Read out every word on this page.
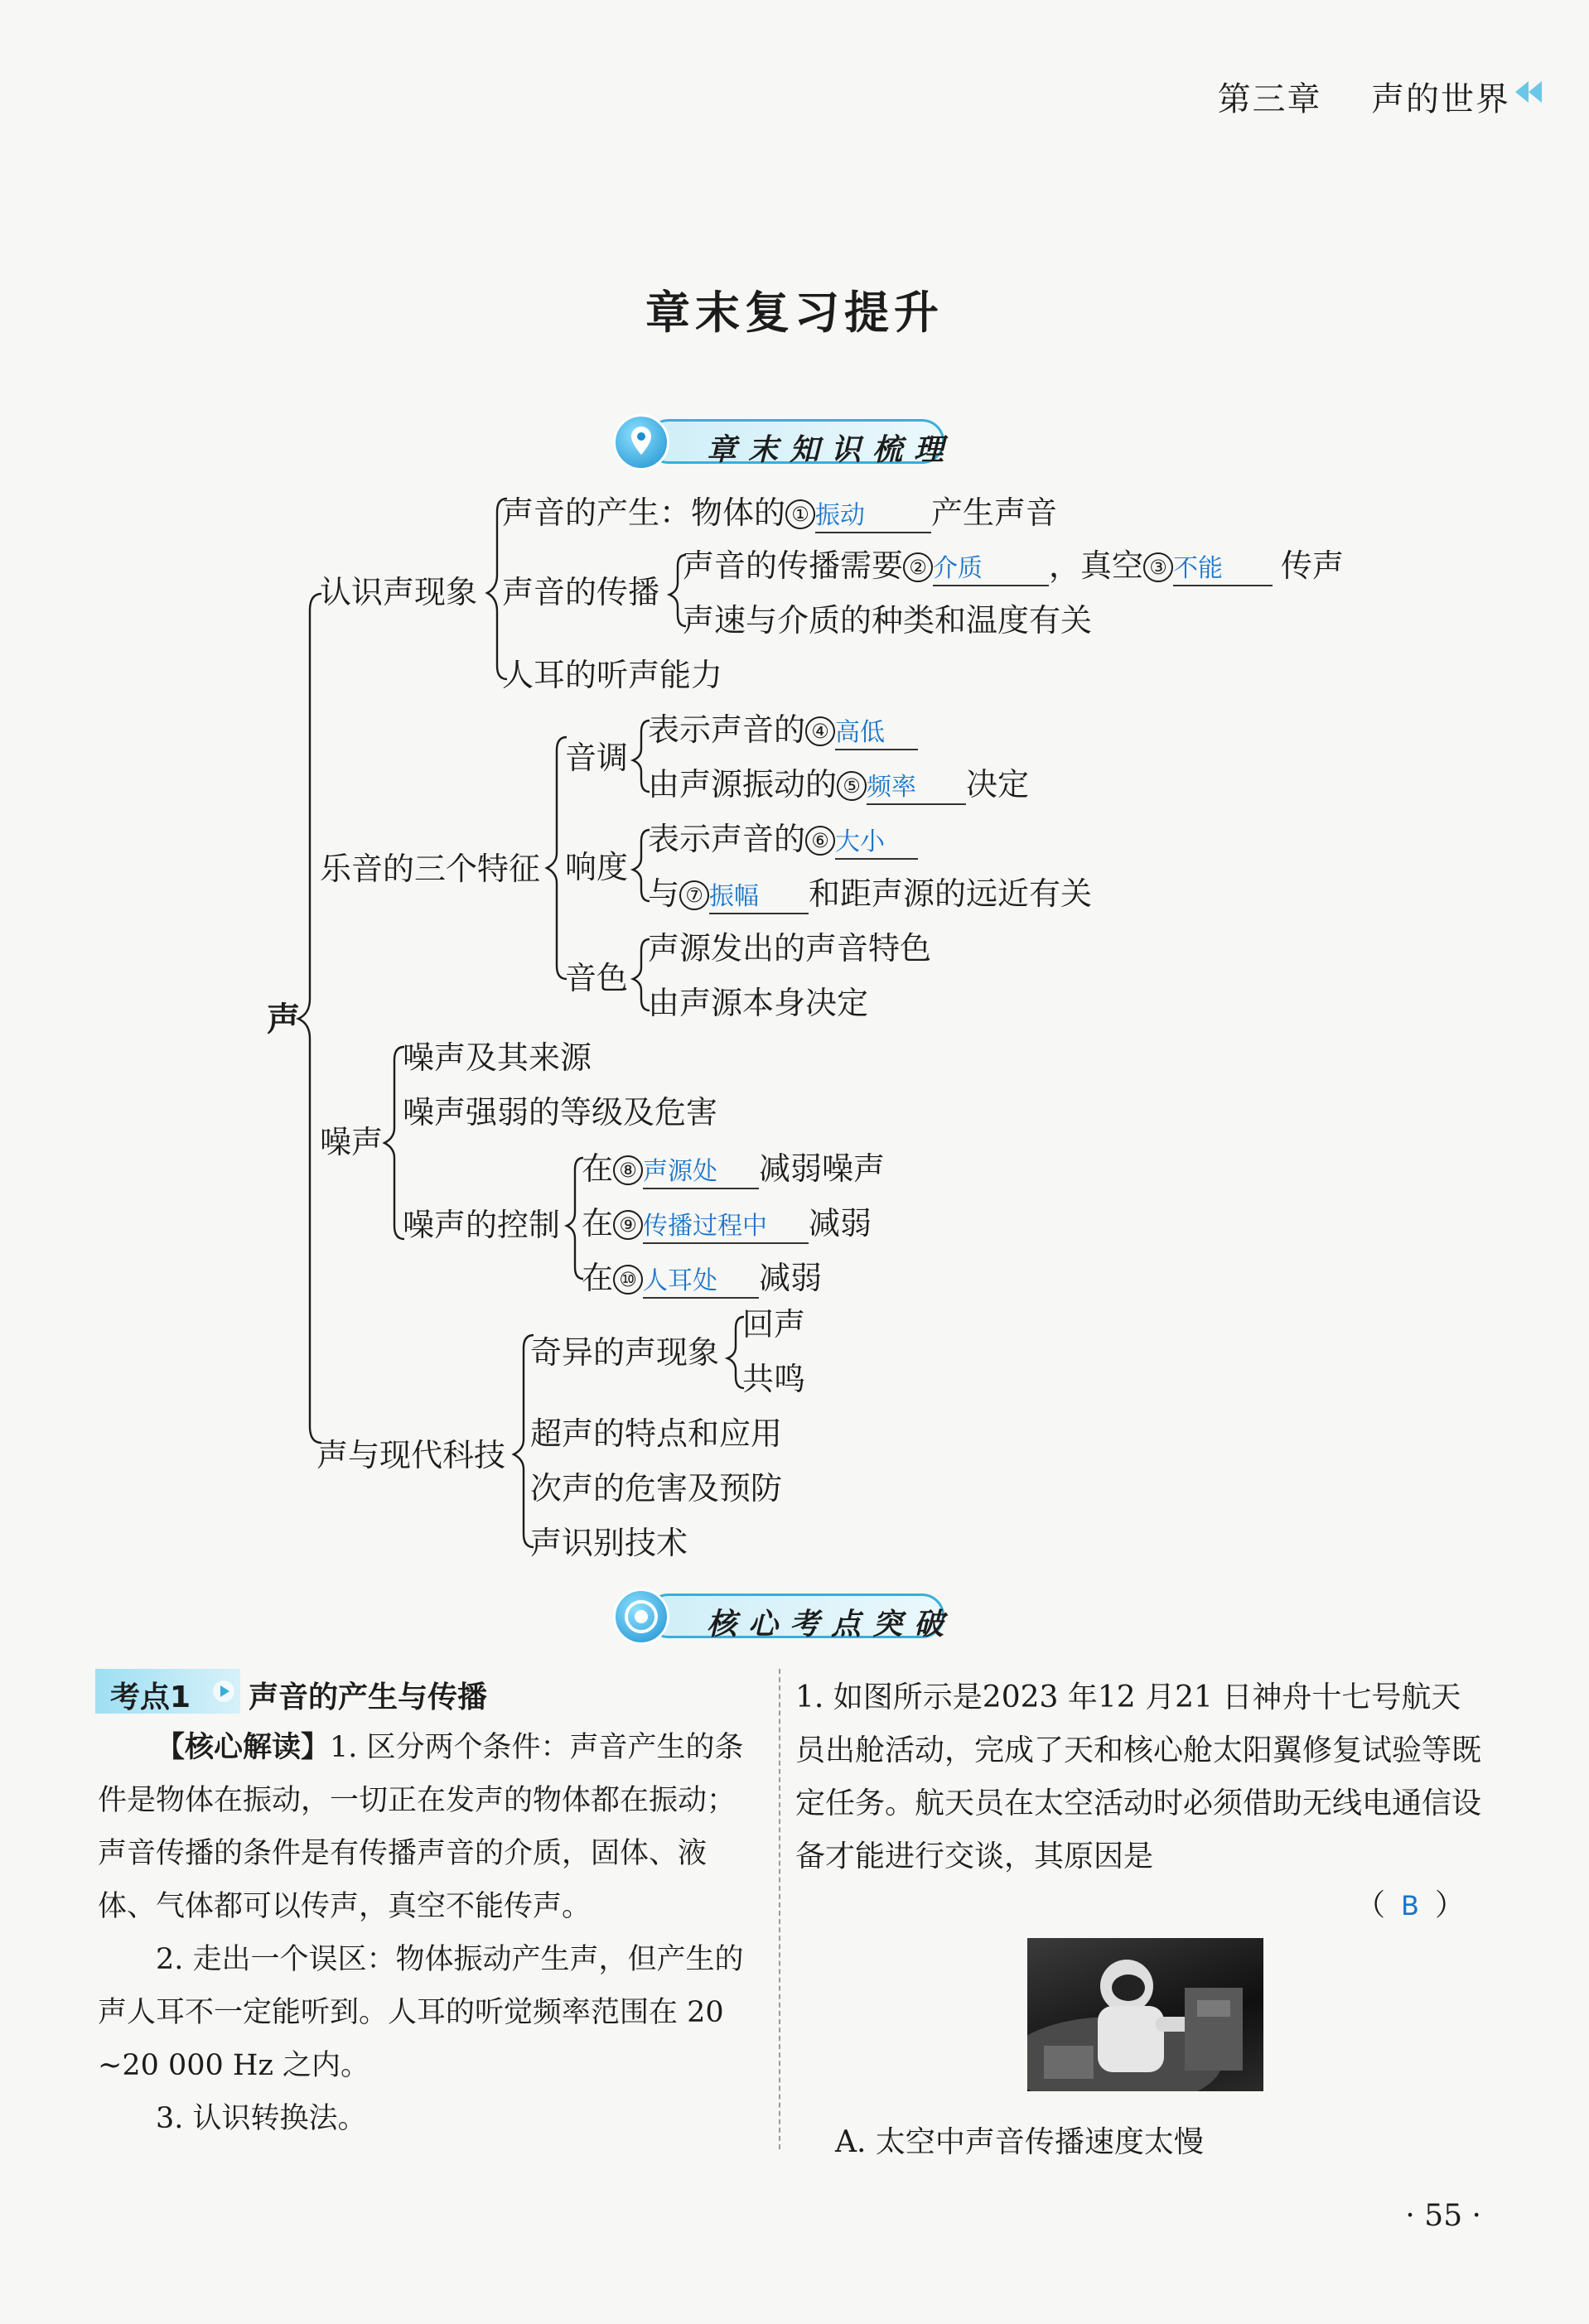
第三章 声的世界
章末复习提升
章末知识梳理
声
认识声现象
声音的产生：物体的 ① 振动 产生声音
声音的传播
声音的传播需要 ② 介质 ，真空 ③ 不能 传声
声速与介质的种类和温度有关
人耳的听声能力
乐音的三个特征
音调
表示声音的 ④ 高低
由声源振动的 ⑤ 频率 决定
响度
表示声音的 ⑥ 大小
与 ⑦ 振幅 和距声源的远近有关
音色
声源发出的声音特色
由声源本身决定
噪声
噪声及其来源
噪声强弱的等级及危害
噪声的控制
在 ⑧ 声源处 减弱噪声
在 ⑨ 传播过程中 减弱
在 ⑩ 人耳处 减弱
声与现代科技
奇异的声现象
回声
共鸣
超声的特点和应用
次声的危害及预防
声识别技术
核心考点突破
考点1 声音的产生与传播
【核心解读】1. 区分两个条件：声音产生的条件是物体在振动，一切正在发声的物体都在振动；声音传播的条件是有传播声音的介质，固体、液体、气体都可以传声，真空不能传声。
2. 走出一个误区：物体振动产生声，但产生的声人耳不一定能听到。人耳的听觉频率范围在 20 ~20 000 Hz 之内。
3. 认识转换法。
1. 如图所示是2023 年12 月21 日神舟十七号航天员出舱活动，完成了天和核心舱太阳翼修复试验等既定任务。航天员在太空活动时必须借助无线电通信设备才能进行交谈，其原因是
（ B ）
A. 太空中声音传播速度太慢
· 55 ·
